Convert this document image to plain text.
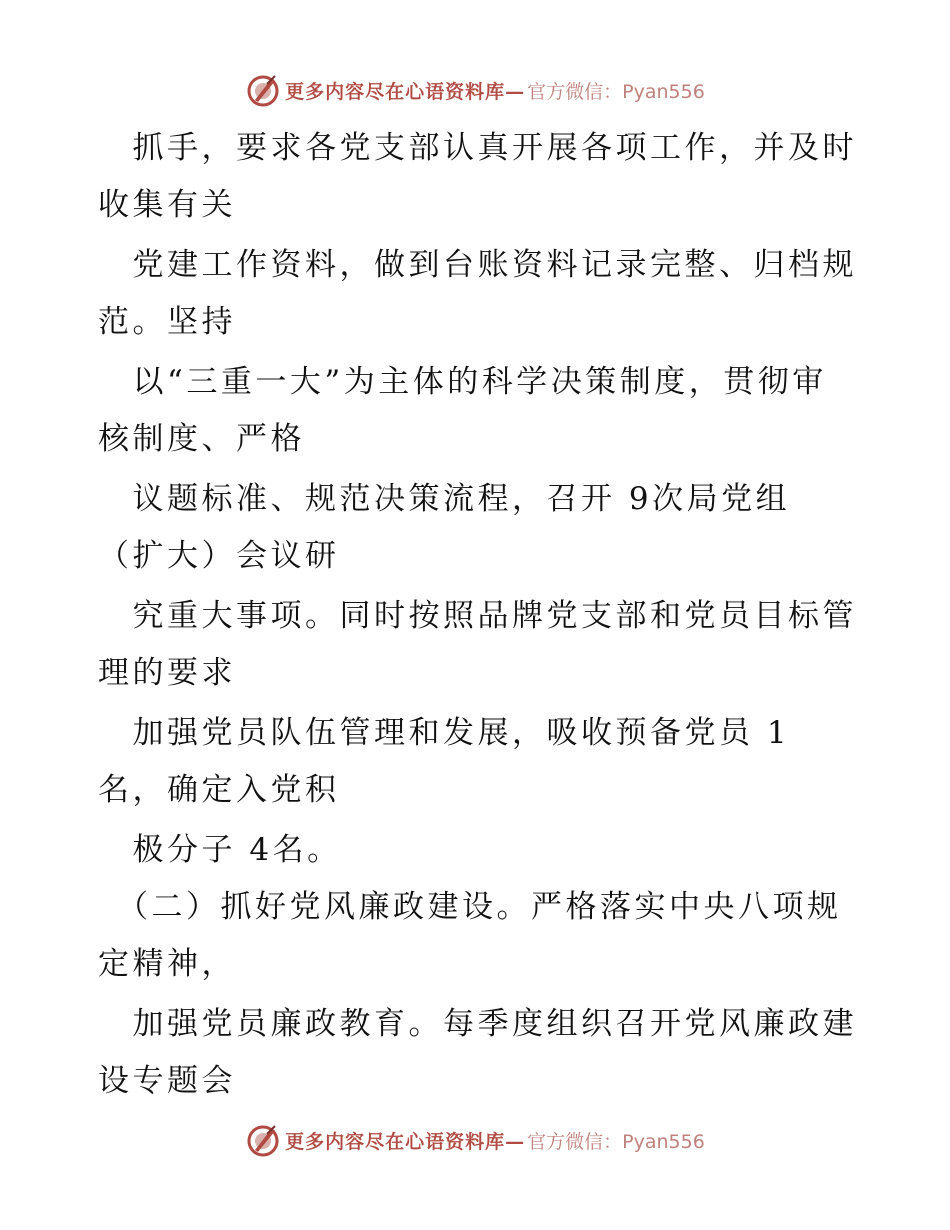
更多内容尽在心语资料库— 官方微信：Pyan556
　抓手，要求各党支部认真开展各项工作，并及时
收集有关
　党建工作资料，做到台账资料记录完整、归档规
范。坚持
　以“三重一大”为主体的科学决策制度，贯彻审
核制度、严格
　议题标准、规范决策流程，召开 9次局党组
（扩大）会议研
　究重大事项。同时按照品牌党支部和党员目标管
理的要求
　加强党员队伍管理和发展，吸收预备党员 1
名，确定入党积
　极分子 4名。
　（二）抓好党风廉政建设。严格落实中央八项规
定精神，
　加强党员廉政教育。每季度组织召开党风廉政建
设专题会
更多内容尽在心语资料库— 官方微信：Pyan556
